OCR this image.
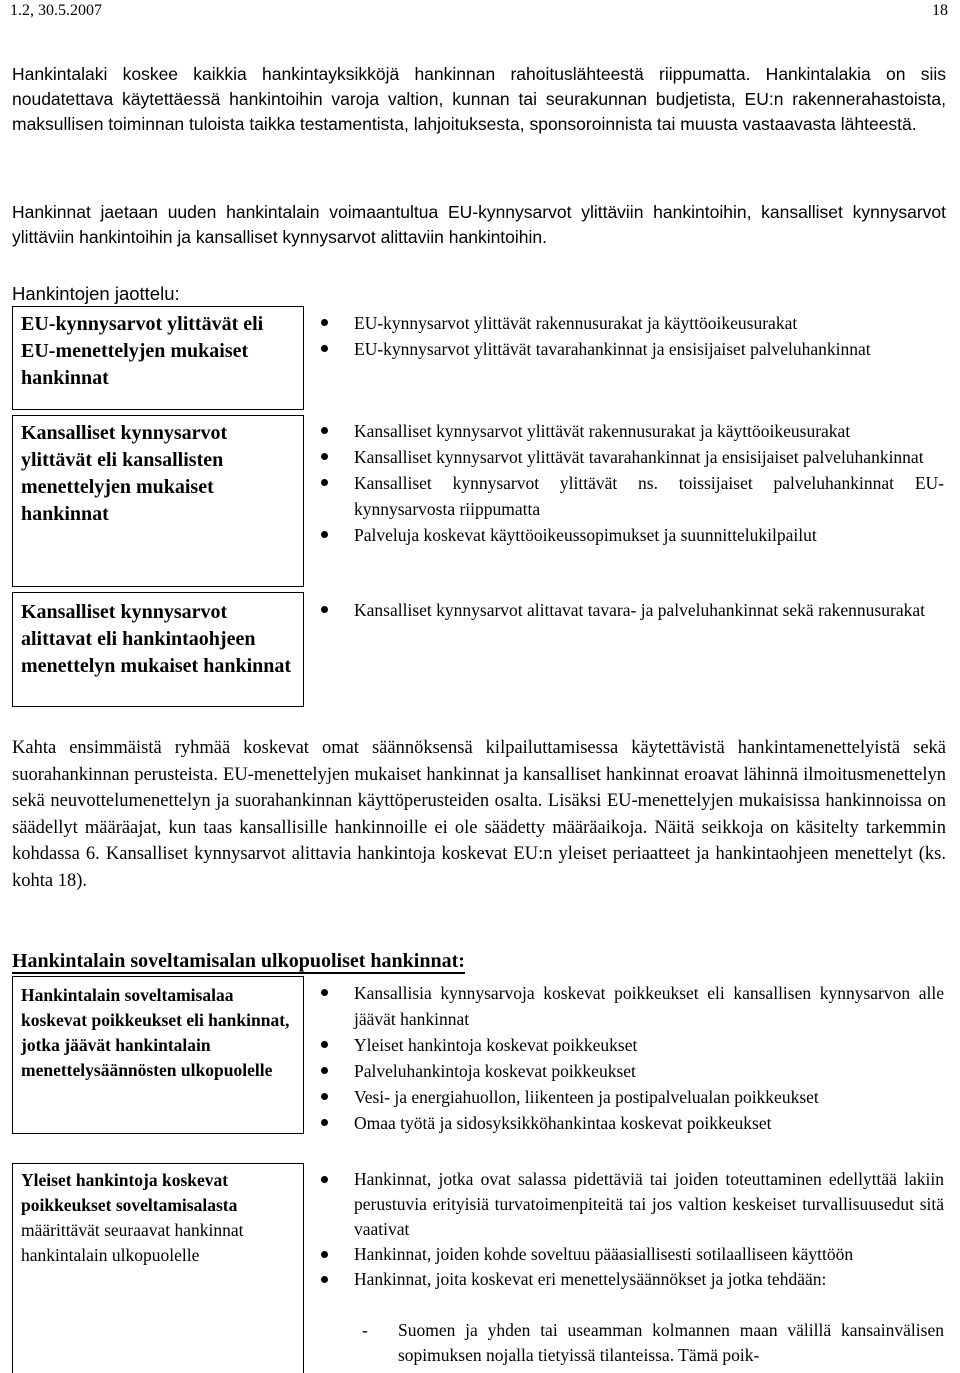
1.2, 30.5.2007	18

Hankintalaki koskee kaikkia hankintayksikköjä hankinnan rahoituslähteestä riippumatta. Hankintalakia on siis noudatettava käytettäessä hankintoihin varoja valtion, kunnan tai seurakunnan budjetista, EU:n rakennerahastoista, maksullisen toiminnan tuloista taikka testamentista, lahjoituksesta, sponsoroinnista tai muusta vastaavasta lähteestä.

Hankinnat jaetaan uuden hankintalain voimaantultua EU-kynnysarvot ylittäviin hankintoihin, kansalliset kynnysarvot ylittäviin hankintoihin ja kansalliset kynnysarvot alittaviin hankintoihin.

Hankintojen jaottelu:
EU-kynnysarvot ylittävät eli EU-menettelyjen mukaiset hankinnat
EU-kynnysarvot ylittävät rakennusurakat ja käyttöoikeusurakat
EU-kynnysarvot ylittävät tavarahankinnat ja ensisijaiset palveluhankinnat
Kansalliset kynnysarvot ylittävät eli kansallisten menettelyjen mukaiset hankinnat
Kansalliset kynnysarvot ylittävät rakennusurakat ja käyttöoikeusurakat
Kansalliset kynnysarvot ylittävät tavarahankinnat ja ensisijaiset palveluhankinnat
Kansalliset kynnysarvot ylittävät ns. toissijaiset palveluhankinnat EU-kynnysarvosta riippumatta
Palveluja koskevat käyttöoikeussopimukset ja suunnittelukilpailut
Kansalliset kynnysarvot alittavat eli hankintaohjeen menettelyn mukaiset hankinnat
Kansalliset kynnysarvot alittavat tavara- ja palveluhankinnat sekä rakennusurakat

Kahta ensimmäistä ryhmää koskevat omat säännöksensä kilpailuttamisessa käytettävistä hankintamenettelyistä sekä suorahankinnan perusteista. EU-menettelyjen mukaiset hankinnat ja kansalliset hankinnat eroavat lähinnä ilmoitusmenettelyn sekä neuvottelumenettelyn ja suorahankinnan käyttöperusteiden osalta. Lisäksi EU-menettelyjen mukaisissa hankinnoissa on säädellyt määräajat, kun taas kansallisille hankinnoille ei ole säädetty määräaikoja. Näitä seikkoja on käsitelty tarkemmin kohdassa 6. Kansalliset kynnysarvot alittavia hankintoja koskevat EU:n yleiset periaatteet ja hankintaohjeen menettelyt (ks. kohta 18).

Hankintalain soveltamisalan ulkopuoliset hankinnat:
Hankintalain soveltamisalaa koskevat poikkeukset eli hankinnat, jotka jäävät hankintalain menettelysäännösten ulkopuolelle
Kansallisia kynnysarvoja koskevat poikkeukset eli kansallisen kynnysarvon alle jäävät hankinnat
Yleiset hankintoja koskevat poikkeukset
Palveluhankintoja koskevat poikkeukset
Vesi- ja energiahuollon, liikenteen ja postipalvelualan poikkeukset
Omaa työtä ja sidosyksikköhankintaa koskevat poikkeukset
Yleiset hankintoja koskevat poikkeukset soveltamisalasta määrittävät seuraavat hankinnat hankintalain ulkopuolelle
Hankinnat, jotka ovat salassa pidettäviä tai joiden toteuttaminen edellyttää lakiin perustuvia erityisiä turvatoimenpiteitä tai jos valtion keskeiset turvallisuusedut sitä vaativat
Hankinnat, joiden kohde soveltuu pääasiallisesti sotilaalliseen käyttöön
Hankinnat, joita koskevat eri menettelysäännökset ja jotka tehdään:
- Suomen ja yhden tai useamman kolmannen maan välillä kansainvälisen sopimuksen nojalla tietyissä tilanteissa. Tämä poik-
